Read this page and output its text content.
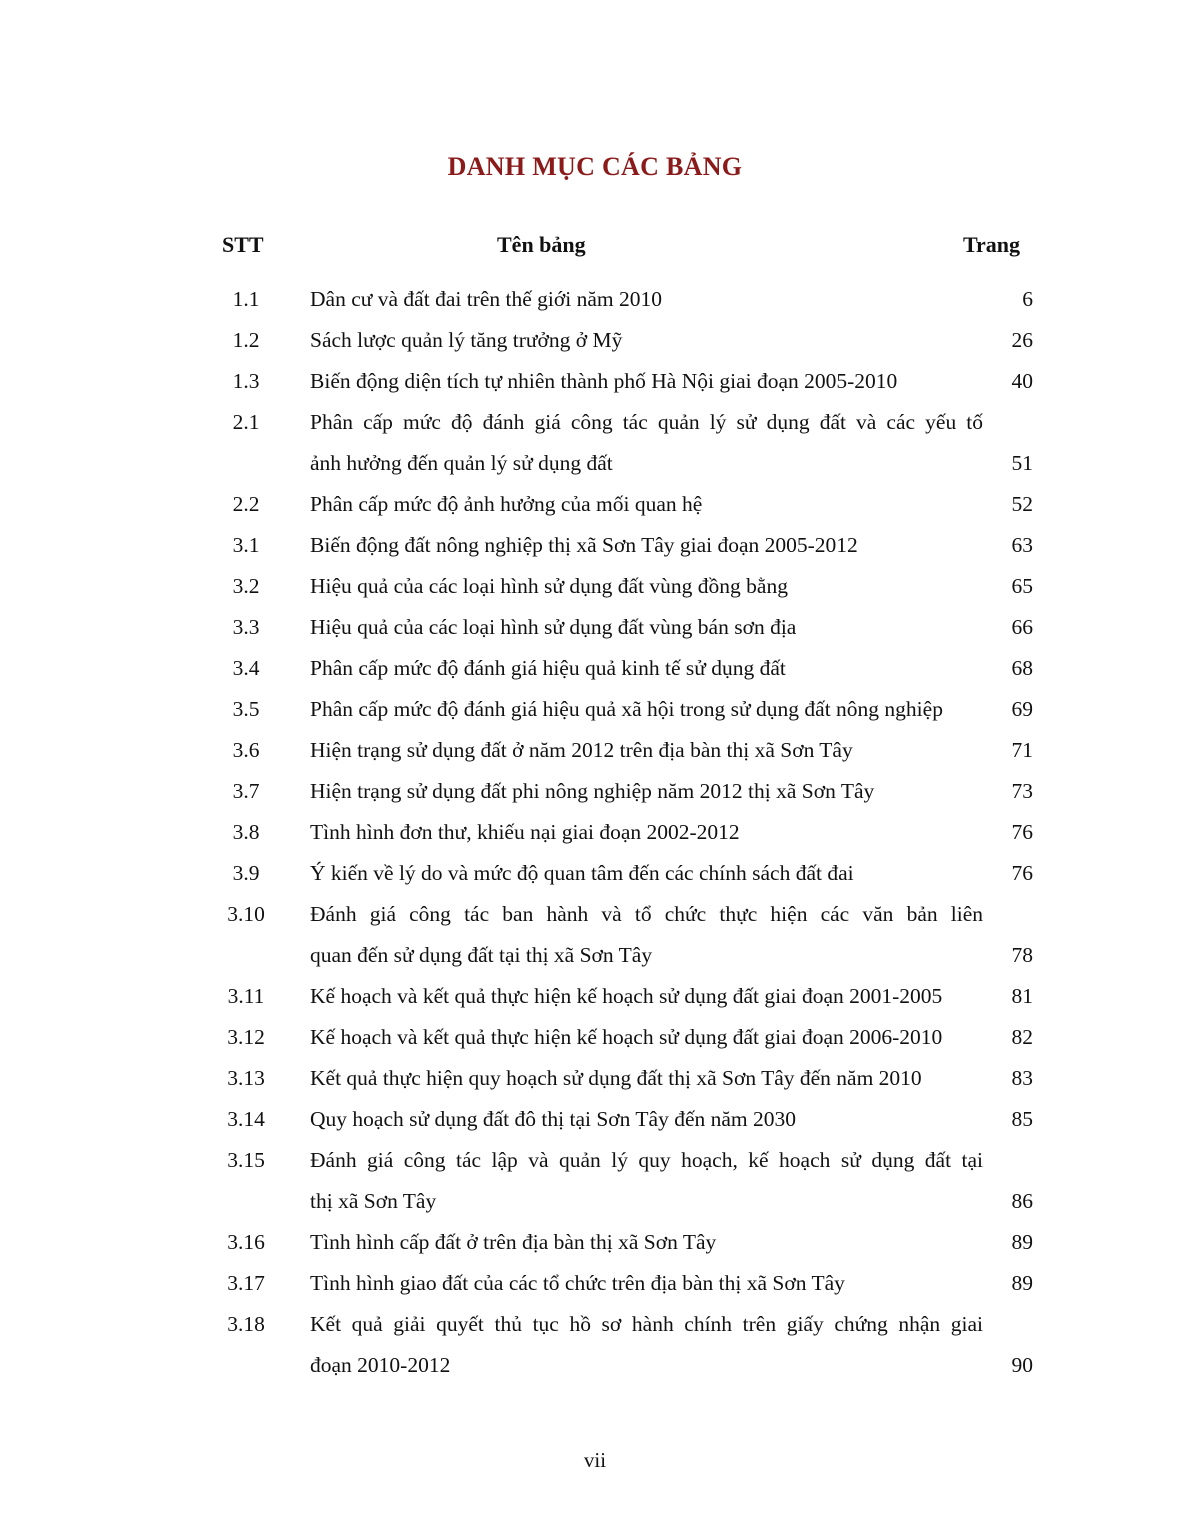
DANH MỤC CÁC BẢNG
STT	Tên bảng	Trang
1.1	Dân cư và đất đai trên thế giới năm 2010	6
1.2	Sách lược quản lý tăng trưởng ở Mỹ	26
1.3	Biến động diện tích tự nhiên thành phố Hà Nội giai đoạn 2005-2010	40
2.1	Phân cấp mức độ đánh giá công tác quản lý sử dụng đất và các yếu tố
ảnh hưởng đến quản lý sử dụng đất	51
2.2	Phân cấp mức độ ảnh hưởng của mối quan hệ	52
3.1	Biến động đất nông nghiệp thị xã Sơn Tây giai đoạn 2005-2012	63
3.2	Hiệu quả của các loại hình sử dụng đất vùng đồng bằng	65
3.3	Hiệu quả của các loại hình sử dụng đất vùng bán sơn địa	66
3.4	Phân cấp mức độ đánh giá hiệu quả kinh tế sử dụng đất	68
3.5	Phân cấp mức độ đánh giá hiệu quả xã hội trong sử dụng đất nông nghiệp	69
3.6	Hiện trạng sử dụng đất ở năm 2012 trên địa bàn thị xã Sơn Tây	71
3.7	Hiện trạng sử dụng đất phi nông nghiệp năm 2012 thị xã Sơn Tây	73
3.8	Tình hình đơn thư, khiếu nại giai đoạn 2002-2012	76
3.9	Ý kiến về lý do và mức độ quan tâm đến các chính sách đất đai	76
3.10	Đánh giá công tác ban hành và tổ chức thực hiện các văn bản liên
quan đến sử dụng đất tại thị xã Sơn Tây	78
3.11	Kế hoạch và kết quả thực hiện kế hoạch sử dụng đất giai đoạn 2001-2005	81
3.12	Kế hoạch và kết quả thực hiện kế hoạch sử dụng đất giai đoạn 2006-2010	82
3.13	Kết quả thực hiện quy hoạch sử dụng đất thị xã Sơn Tây đến năm 2010	83
3.14	Quy hoạch sử dụng đất đô thị tại Sơn Tây đến năm 2030	85
3.15	Đánh giá công tác lập và quản lý quy hoạch, kế hoạch sử dụng đất tại
thị xã Sơn Tây	86
3.16	Tình hình cấp đất ở trên địa bàn thị xã Sơn Tây	89
3.17	Tình hình giao đất của các tổ chức trên địa bàn thị xã Sơn Tây	89
3.18	Kết quả giải quyết thủ tục hồ sơ hành chính trên giấy chứng nhận giai
đoạn 2010-2012	90
vii
